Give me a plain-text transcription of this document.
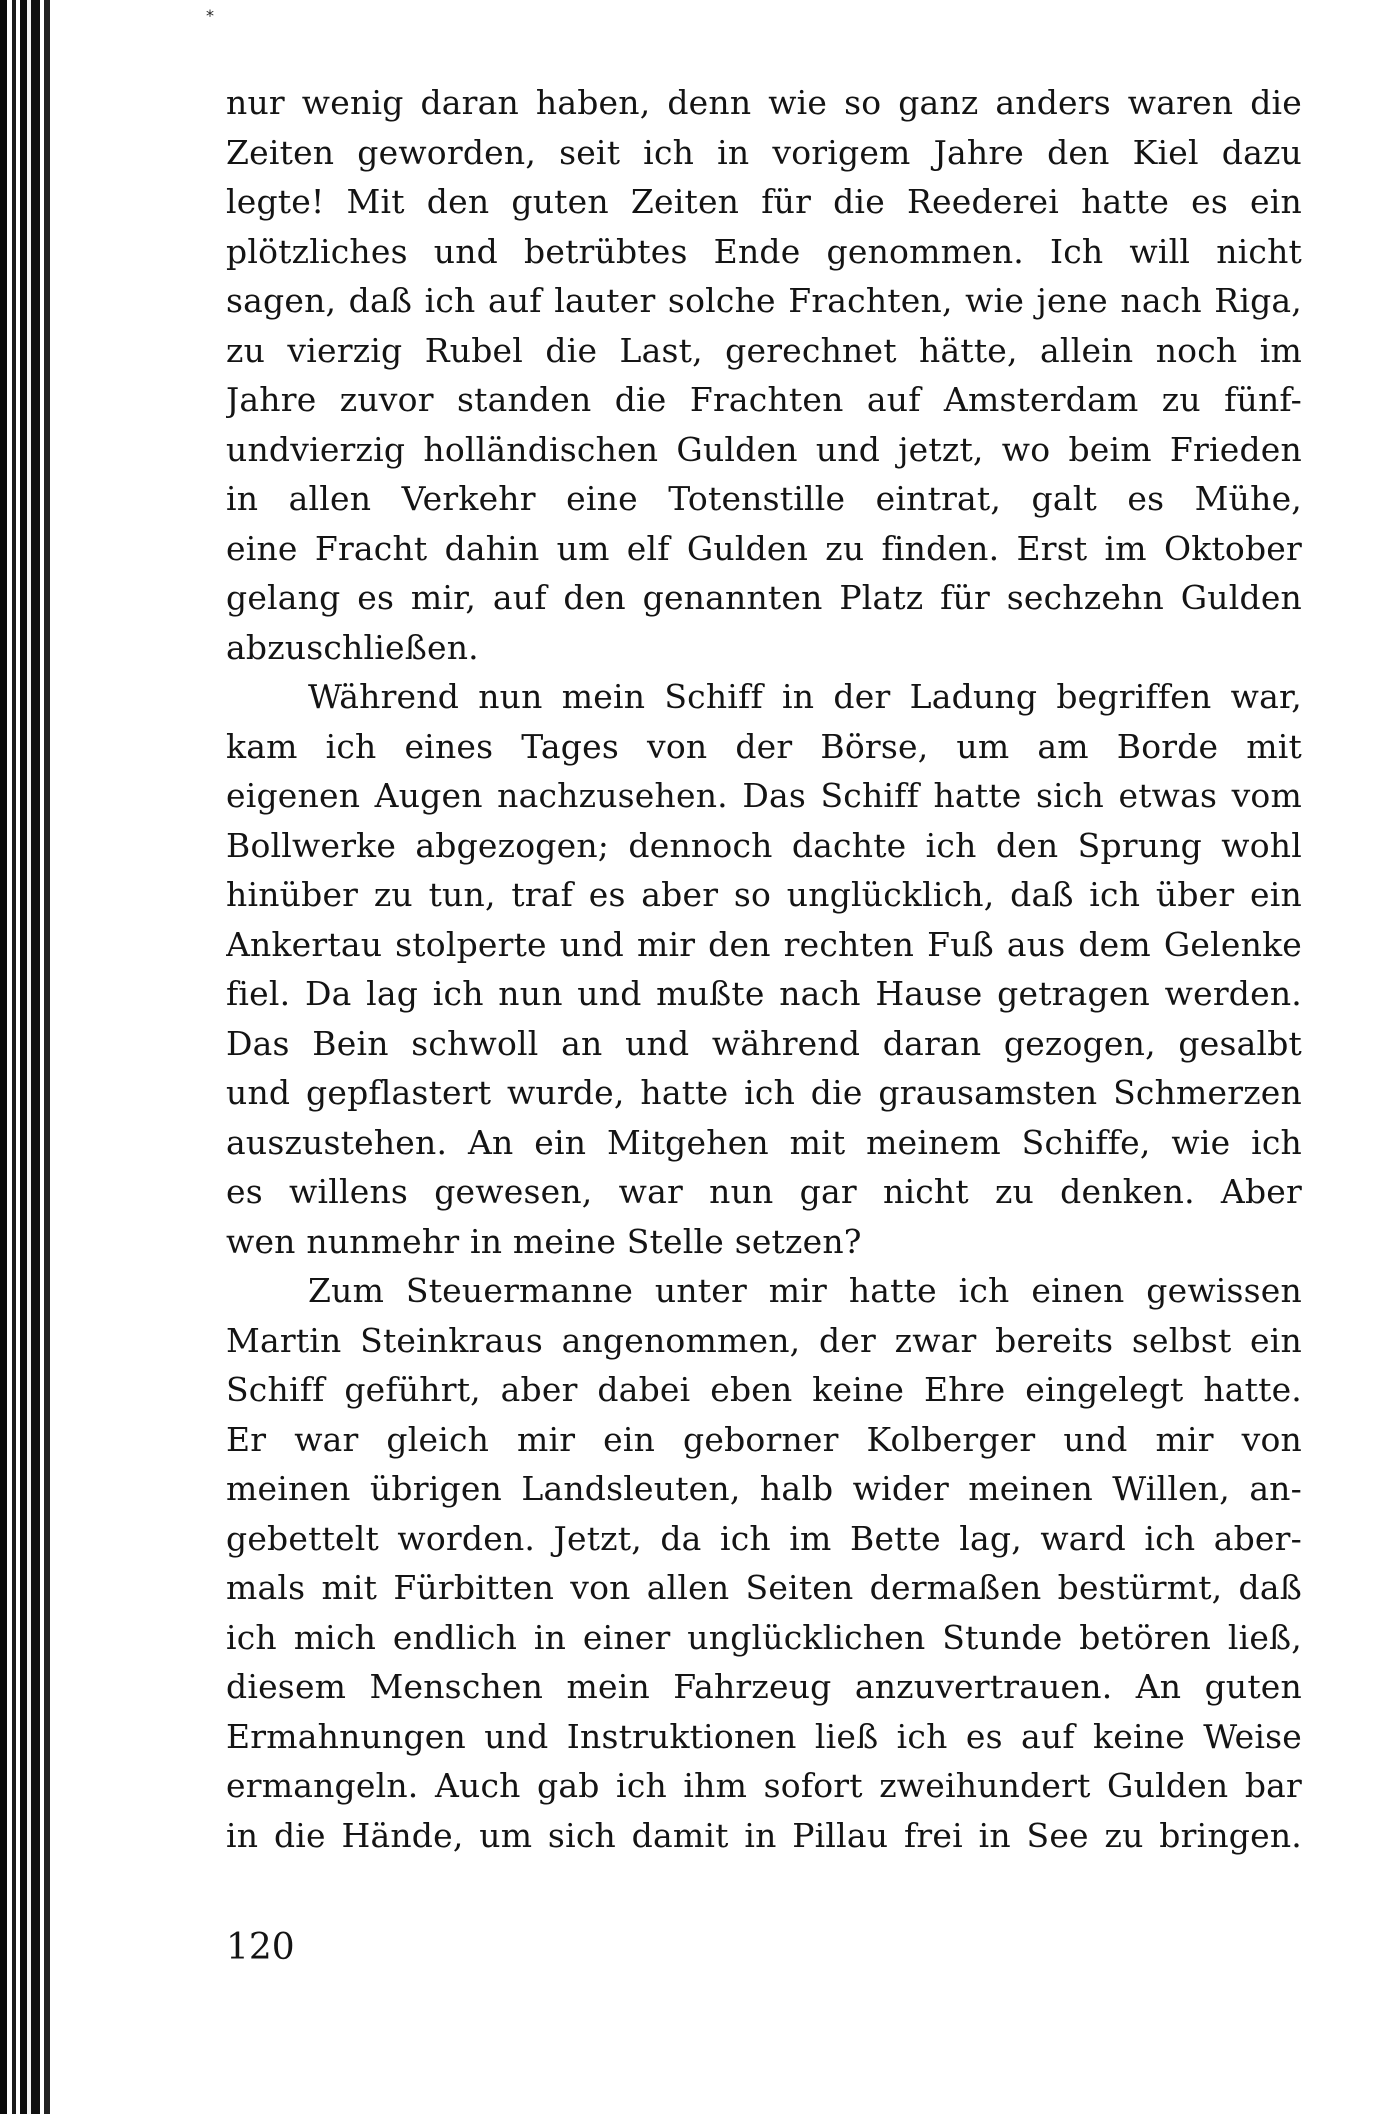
*
nur wenig daran haben, denn wie so ganz anders waren die
Zeiten geworden, seit ich in vorigem Jahre den Kiel dazu
legte! Mit den guten Zeiten für die Reederei hatte es ein
plötzliches und betrübtes Ende genommen. Ich will nicht
sagen, daß ich auf lauter solche Frachten, wie jene nach Riga,
zu vierzig Rubel die Last, gerechnet hätte, allein noch im
Jahre zuvor standen die Frachten auf Amsterdam zu fünf-
undvierzig holländischen Gulden und jetzt, wo beim Frieden
in allen Verkehr eine Totenstille eintrat, galt es Mühe,
eine Fracht dahin um elf Gulden zu finden. Erst im Oktober
gelang es mir, auf den genannten Platz für sechzehn Gulden
abzuschließen.
Während nun mein Schiff in der Ladung begriffen war,
kam ich eines Tages von der Börse, um am Borde mit
eigenen Augen nachzusehen. Das Schiff hatte sich etwas vom
Bollwerke abgezogen; dennoch dachte ich den Sprung wohl
hinüber zu tun, traf es aber so unglücklich, daß ich über ein
Ankertau stolperte und mir den rechten Fuß aus dem Gelenke
fiel. Da lag ich nun und mußte nach Hause getragen werden.
Das Bein schwoll an und während daran gezogen, gesalbt
und gepflastert wurde, hatte ich die grausamsten Schmerzen
auszustehen. An ein Mitgehen mit meinem Schiffe, wie ich
es willens gewesen, war nun gar nicht zu denken. Aber
wen nunmehr in meine Stelle setzen?
Zum Steuermanne unter mir hatte ich einen gewissen
Martin Steinkraus angenommen, der zwar bereits selbst ein
Schiff geführt, aber dabei eben keine Ehre eingelegt hatte.
Er war gleich mir ein geborner Kolberger und mir von
meinen übrigen Landsleuten, halb wider meinen Willen, an-
gebettelt worden. Jetzt, da ich im Bette lag, ward ich aber-
mals mit Fürbitten von allen Seiten dermaßen bestürmt, daß
ich mich endlich in einer unglücklichen Stunde betören ließ,
diesem Menschen mein Fahrzeug anzuvertrauen. An guten
Ermahnungen und Instruktionen ließ ich es auf keine Weise
ermangeln. Auch gab ich ihm sofort zweihundert Gulden bar
in die Hände, um sich damit in Pillau frei in See zu bringen.
120
